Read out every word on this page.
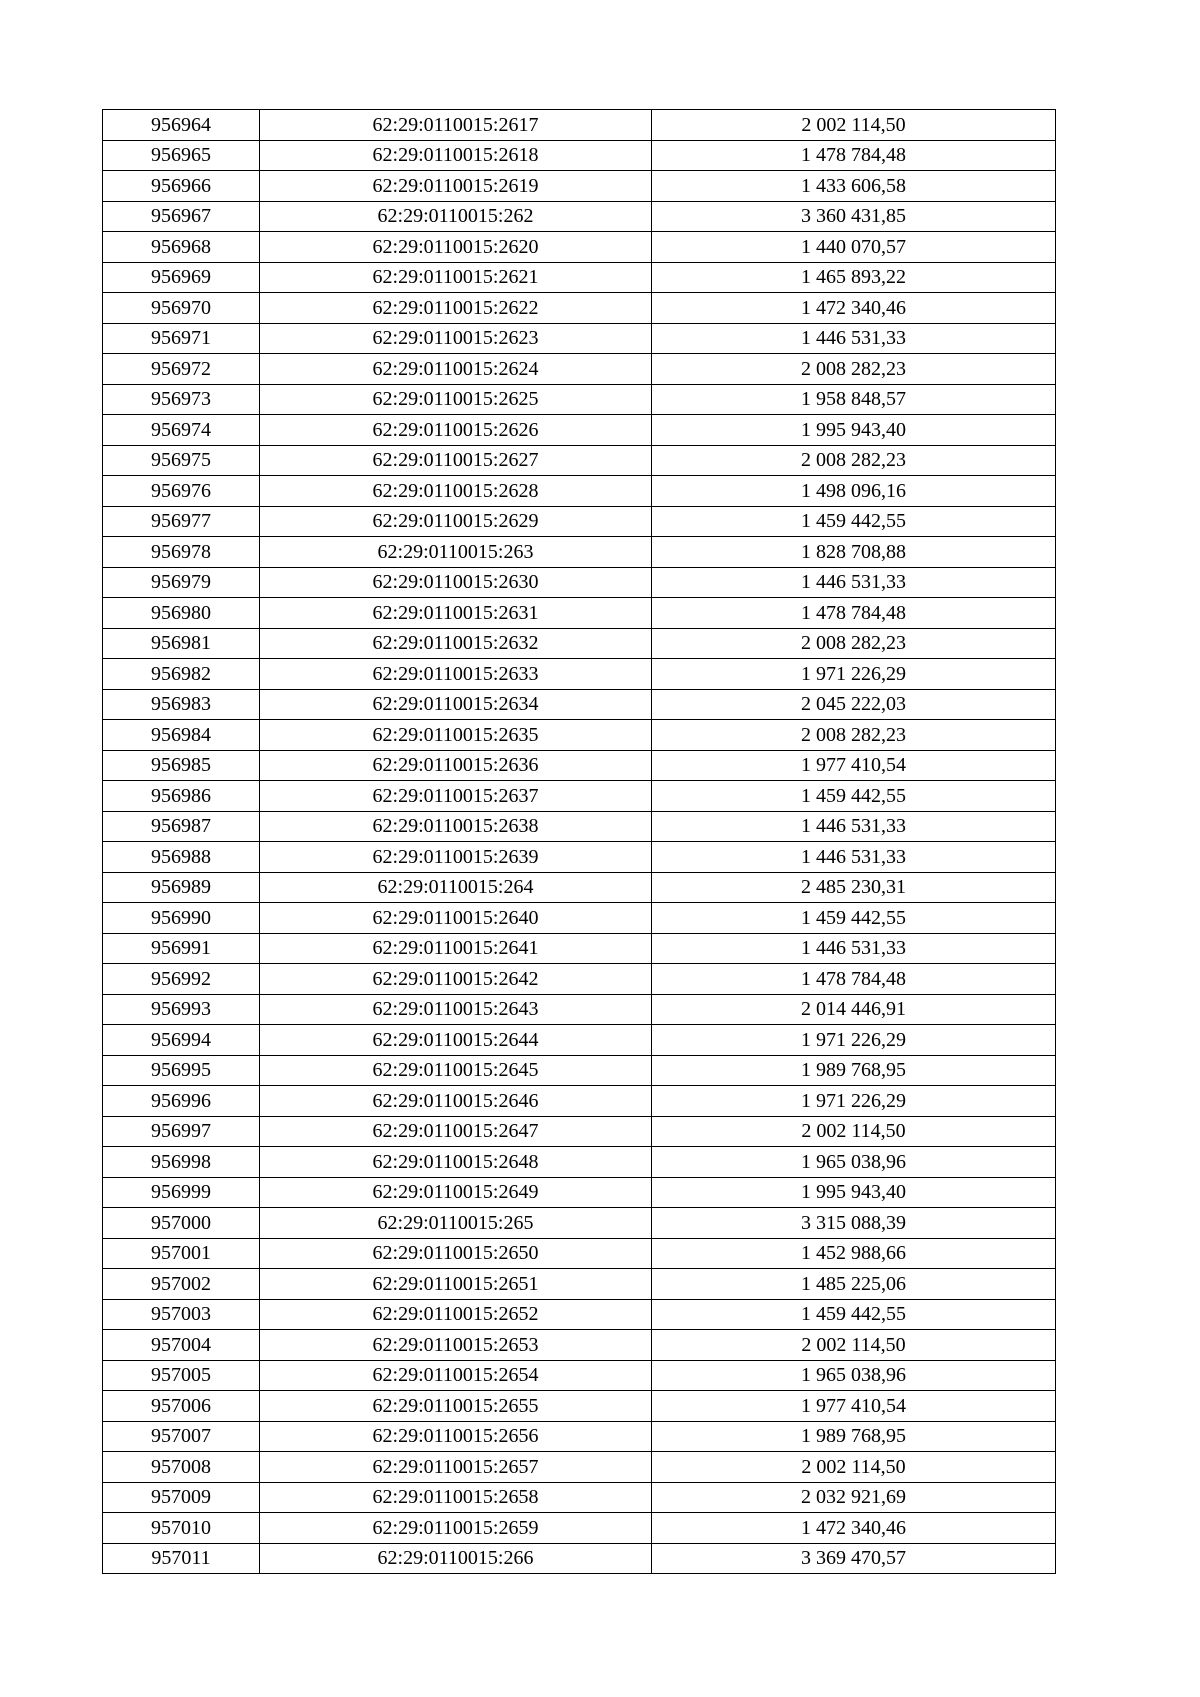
956964	62:29:0110015:2617	2 002 114,50
956965	62:29:0110015:2618	1 478 784,48
956966	62:29:0110015:2619	1 433 606,58
956967	62:29:0110015:262	3 360 431,85
956968	62:29:0110015:2620	1 440 070,57
956969	62:29:0110015:2621	1 465 893,22
956970	62:29:0110015:2622	1 472 340,46
956971	62:29:0110015:2623	1 446 531,33
956972	62:29:0110015:2624	2 008 282,23
956973	62:29:0110015:2625	1 958 848,57
956974	62:29:0110015:2626	1 995 943,40
956975	62:29:0110015:2627	2 008 282,23
956976	62:29:0110015:2628	1 498 096,16
956977	62:29:0110015:2629	1 459 442,55
956978	62:29:0110015:263	1 828 708,88
956979	62:29:0110015:2630	1 446 531,33
956980	62:29:0110015:2631	1 478 784,48
956981	62:29:0110015:2632	2 008 282,23
956982	62:29:0110015:2633	1 971 226,29
956983	62:29:0110015:2634	2 045 222,03
956984	62:29:0110015:2635	2 008 282,23
956985	62:29:0110015:2636	1 977 410,54
956986	62:29:0110015:2637	1 459 442,55
956987	62:29:0110015:2638	1 446 531,33
956988	62:29:0110015:2639	1 446 531,33
956989	62:29:0110015:264	2 485 230,31
956990	62:29:0110015:2640	1 459 442,55
956991	62:29:0110015:2641	1 446 531,33
956992	62:29:0110015:2642	1 478 784,48
956993	62:29:0110015:2643	2 014 446,91
956994	62:29:0110015:2644	1 971 226,29
956995	62:29:0110015:2645	1 989 768,95
956996	62:29:0110015:2646	1 971 226,29
956997	62:29:0110015:2647	2 002 114,50
956998	62:29:0110015:2648	1 965 038,96
956999	62:29:0110015:2649	1 995 943,40
957000	62:29:0110015:265	3 315 088,39
957001	62:29:0110015:2650	1 452 988,66
957002	62:29:0110015:2651	1 485 225,06
957003	62:29:0110015:2652	1 459 442,55
957004	62:29:0110015:2653	2 002 114,50
957005	62:29:0110015:2654	1 965 038,96
957006	62:29:0110015:2655	1 977 410,54
957007	62:29:0110015:2656	1 989 768,95
957008	62:29:0110015:2657	2 002 114,50
957009	62:29:0110015:2658	2 032 921,69
957010	62:29:0110015:2659	1 472 340,46
957011	62:29:0110015:266	3 369 470,57
